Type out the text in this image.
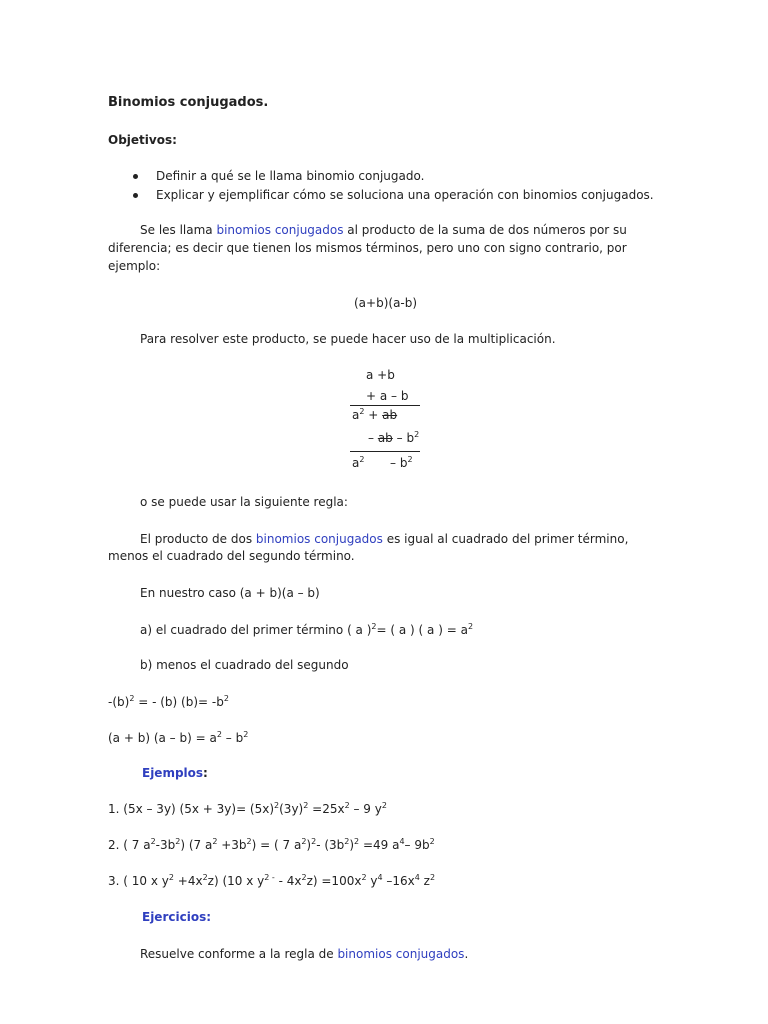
Binomios conjugados.
Objetivos:
Definir a qué se le llama binomio conjugado.
Explicar y ejemplificar cómo se soluciona una operación con binomios conjugados.
Se les llama binomios conjugados al producto de la suma de dos números por su
diferencia; es decir que tienen los mismos términos, pero uno con signo contrario, por
ejemplo:
(a+b)(a-b)
Para resolver este producto, se puede hacer uso de la multiplicación.
a +b
+ a – b
$a^2$ + ab
– ab – $b^2$
$a^2 - b^2$
o se puede usar la siguiente regla:
El producto de dos binomios conjugados es igual al cuadrado del primer término,
menos el cuadrado del segundo término.
En nuestro caso (a + b)(a – b)
a) el cuadrado del primer término ( a )$^2$= ( a ) ( a ) = $a^2$
b) menos el cuadrado del segundo
$-(b)^2$ = - (b) $(b)= -b^2$
(a + b) $(a - b) = a^2 - b^2$
Ejemplos:
1. (5x – 3y) $(5x + 3y)= (5x)^2(3y)^2 =25x^2 - 9$ $y^2$
2. ( 7 $a^2-3b^2$) (7 $a^2 +3b^2$) = ( 7 $a^2)^2-$ $(3b^2)^2 =49$ $a^4-$ $9b^2$
3. ( 10 x $y^2 +4x^2z$) (10 x $y^{2 -} - 4x^2z) =100x^2$ $y^4$ $-16x^4$ $z^2$
Ejercicios:
Resuelve conforme a la regla de binomios conjugados.
